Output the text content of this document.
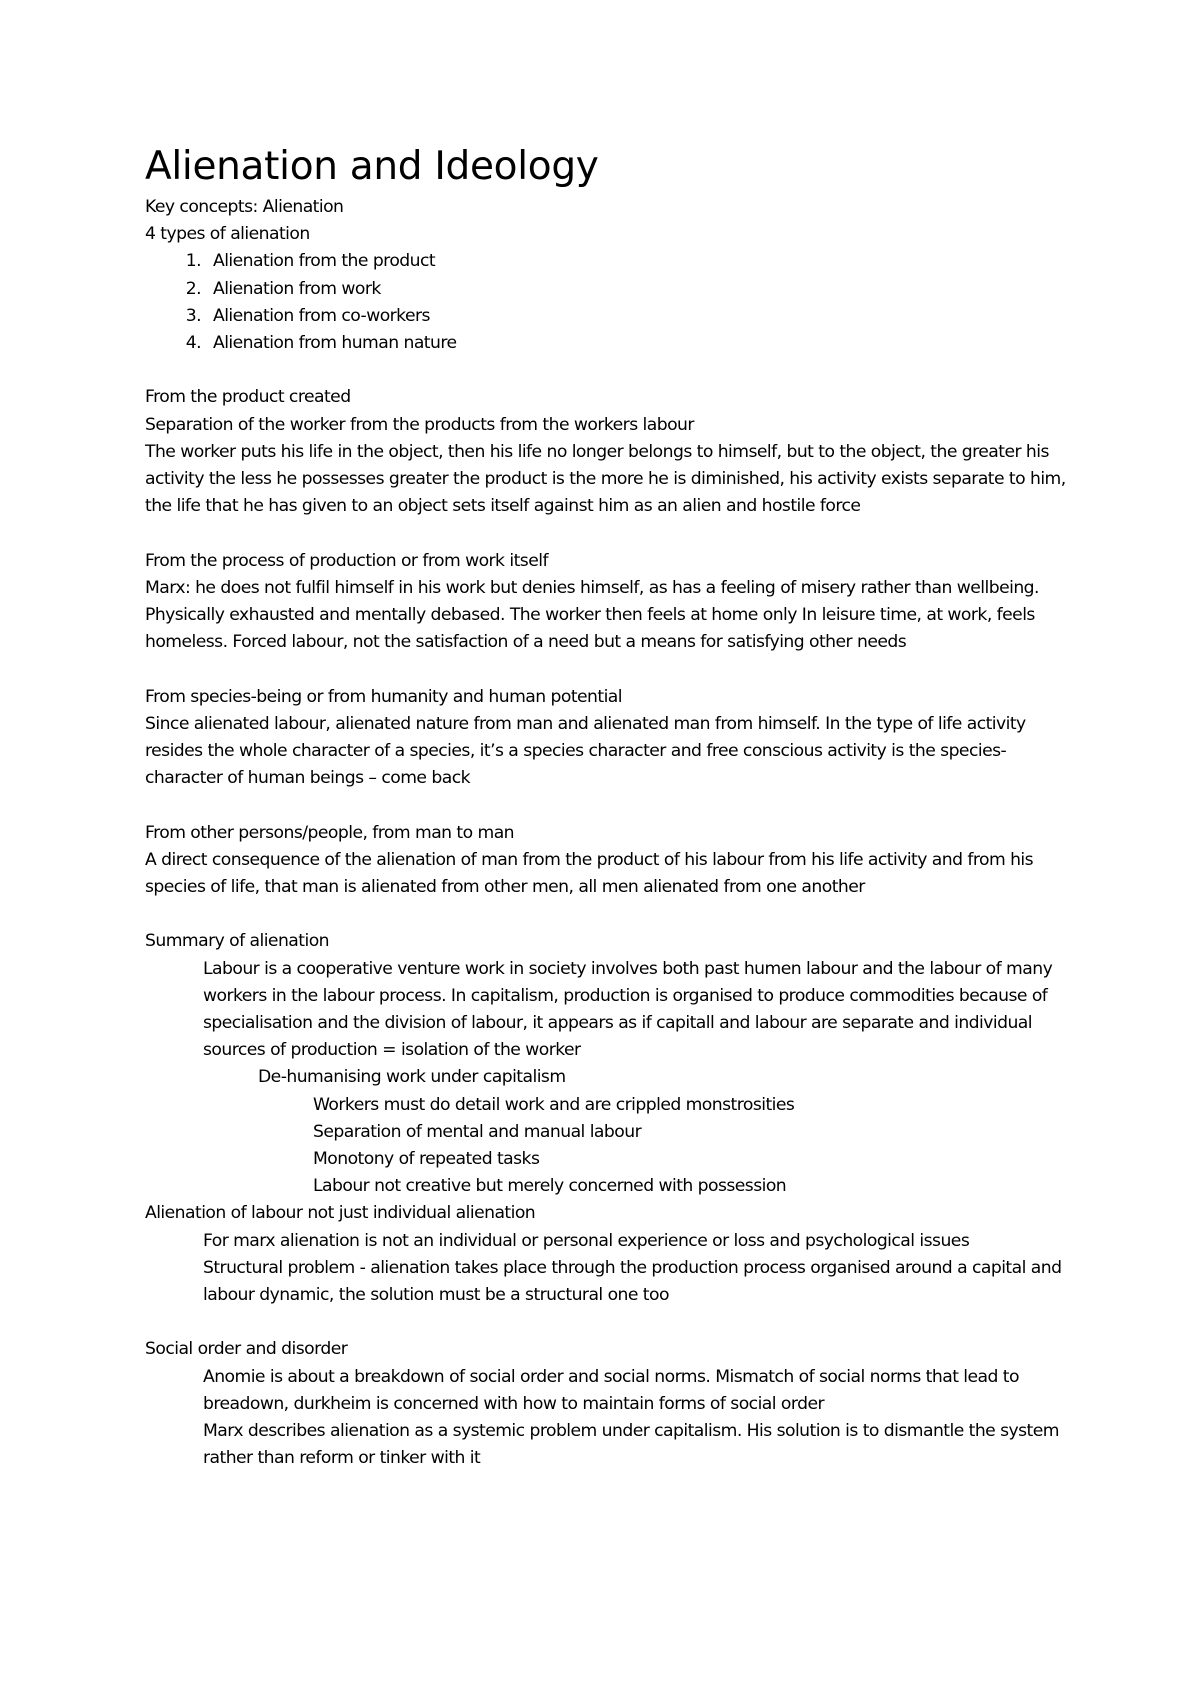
Alienation and Ideology

Key concepts: Alienation

4 types of alienation

1. Alienation from the product
2. Alienation from work
3. Alienation from co-workers
4. Alienation from human nature

From the product created

Separation of the worker from the products from the workers labour

The worker puts his life in the object, then his life no longer belongs to himself, but to the object, the greater his activity the less he possesses greater the product is the more he is diminished, his activity exists separate to him, the life that he has given to an object sets itself against him as an alien and hostile force

From the process of production or from work itself

Marx: he does not fulfil himself in his work but denies himself, as has a feeling of misery rather than wellbeing. Physically exhausted and mentally debased. The worker then feels at home only In leisure time, at work, feels homeless. Forced labour, not the satisfaction of a need but a means for satisfying other needs

From species-being or from humanity and human potential

Since alienated labour, alienated nature from man and alienated man from himself. In the type of life activity resides the whole character of a species, it’s a species character and free conscious activity is the species-character of human beings – come back

From other persons/people, from man to man

A direct consequence of the alienation of man from the product of his labour from his life activity and from his species of life, that man is alienated from other men, all men alienated from one another

Summary of alienation

Labour is a cooperative venture work in society involves both past humen labour and the labour of many workers in the labour process. In capitalism, production is organised to produce commodities because of specialisation and the division of labour, it appears as if capitall and labour are separate and individual sources of production = isolation of the worker

De-humanising work under capitalism

Workers must do detail work and are crippled monstrosities

Separation of mental and manual labour

Monotony of repeated tasks

Labour not creative but merely concerned with possession

Alienation of labour not just individual alienation

For marx alienation is not an individual or personal experience or loss and psychological issues

Structural problem - alienation takes place through the production process organised around a capital and labour dynamic, the solution must be a structural one too

Social order and disorder

Anomie is about a breakdown of social order and social norms. Mismatch of social norms that lead to breadown, durkheim is concerned with how to maintain forms of social order

Marx describes alienation as a systemic problem under capitalism. His solution is to dismantle the system rather than reform or tinker with it
